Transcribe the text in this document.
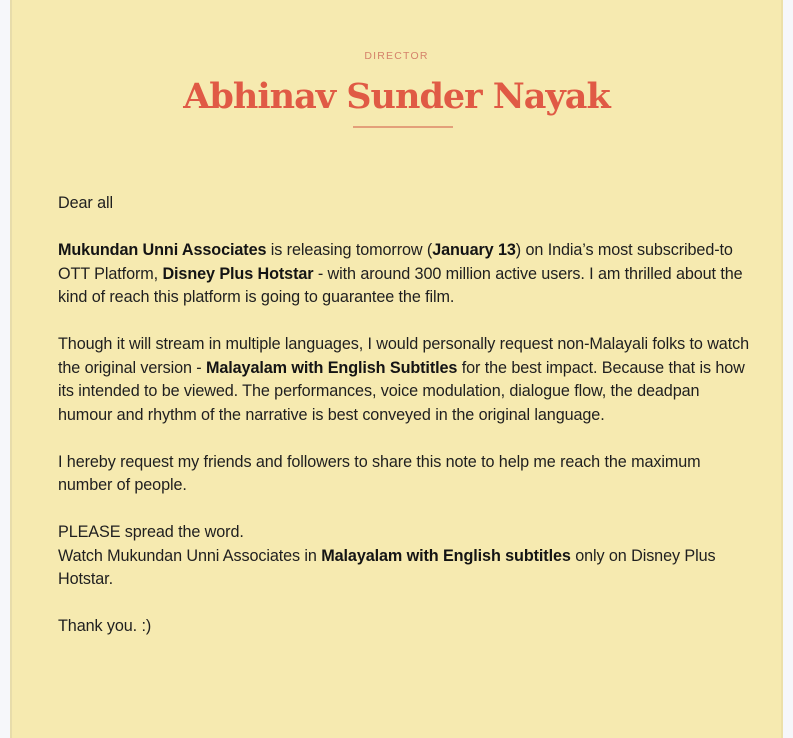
DIRECTOR
Abhinav Sunder Nayak

Dear all

Mukundan Unni Associates is releasing tomorrow (January 13) on India’s most subscribed-to OTT Platform, Disney Plus Hotstar - with around 300 million active users. I am thrilled about the kind of reach this platform is going to guarantee the film.

Though it will stream in multiple languages, I would personally request non-Malayali folks to watch the original version - Malayalam with English Subtitles for the best impact. Because that is how its intended to be viewed. The performances, voice modulation, dialogue flow, the deadpan humour and rhythm of the narrative is best conveyed in the original language.

I hereby request my friends and followers to share this note to help me reach the maximum number of people.

PLEASE spread the word.
Watch Mukundan Unni Associates in Malayalam with English subtitles only on Disney Plus Hotstar.

Thank you. :)
